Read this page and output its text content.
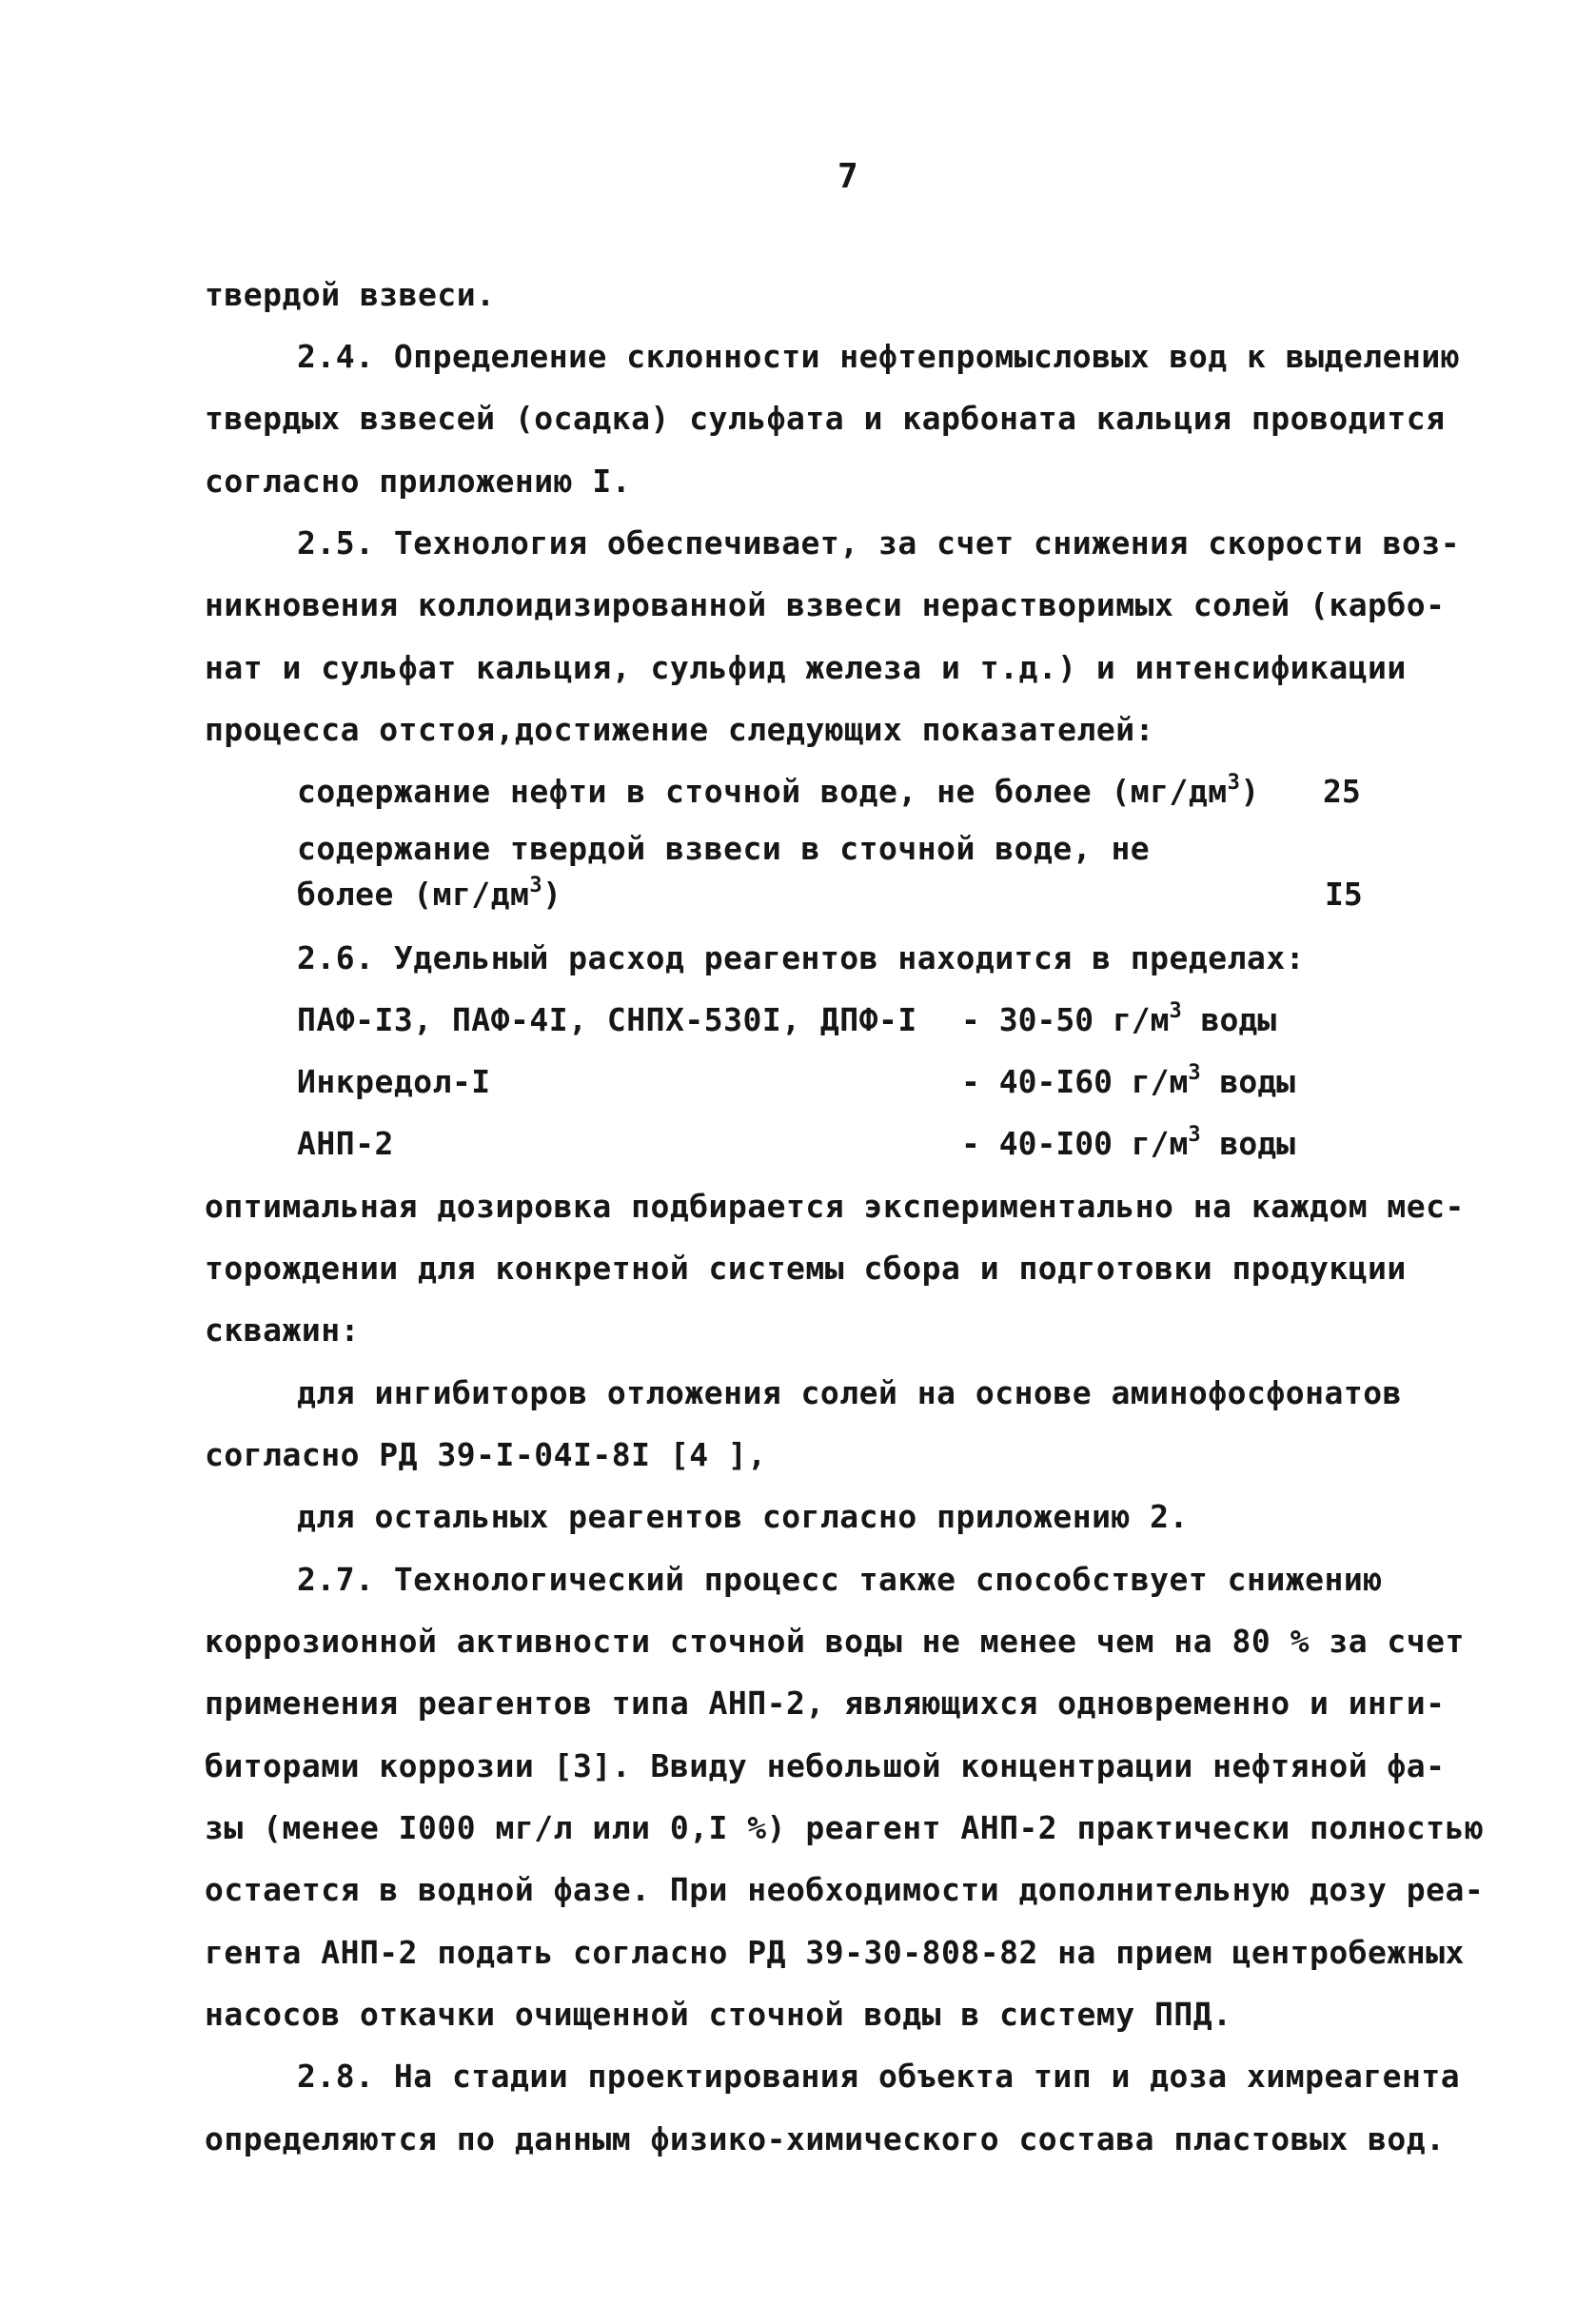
7
твердой взвеси.
2.4. Определение склонности нефтепромысловых вод к выделению
твердых взвесей (осадка) сульфата и карбоната кальция проводится
согласно приложению I.
2.5. Технология обеспечивает, за счет снижения скорости воз-
никновения коллоидизированной взвеси нерастворимых солей (карбо-
нат и сульфат кальция, сульфид железа и т.д.) и интенсификации
процесса отстоя,достижение следующих показателей:
содержание нефти в сточной воде, не более $(мг/дм^3)$ 25
содержание твердой взвеси в сточной воде, не
более $(мг/дм^3)$	I5
2.6. Удельный расход реагентов находится в пределах:
ПАФ-I3, ПАФ-4I, СНПХ-530I, ДПФ-I - 30-50 $г/м^3$ воды
Инкредол-I	- 40-I60 $г/м^3$ воды
АНП-2	- 40-I00 $г/м^3$ воды
оптимальная дозировка подбирается экспериментально на каждом мес-
торождении для конкретной системы сбора и подготовки продукции
скважин:
для ингибиторов отложения солей на основе аминофосфонатов
согласно РД 39-I-04I-8I [4 ],
для остальных реагентов согласно приложению 2.
2.7. Технологический процесс также способствует снижению
коррозионной активности сточной воды не менее чем на 80 % за счет
применения реагентов типа АНП-2, являющихся одновременно и инги-
биторами коррозии [3]. Ввиду небольшой концентрации нефтяной фа-
зы (менее I000 мг/л или 0,I %) реагент АНП-2 практически полностью
остается в водной фазе. При необходимости дополнительную дозу реа-
гента АНП-2 подать согласно РД 39-30-808-82 на прием центробежных
насосов откачки очищенной сточной воды в систему ППД.
2.8. На стадии проектирования объекта тип и доза химреагента
определяются по данным физико-химического состава пластовых вод.
